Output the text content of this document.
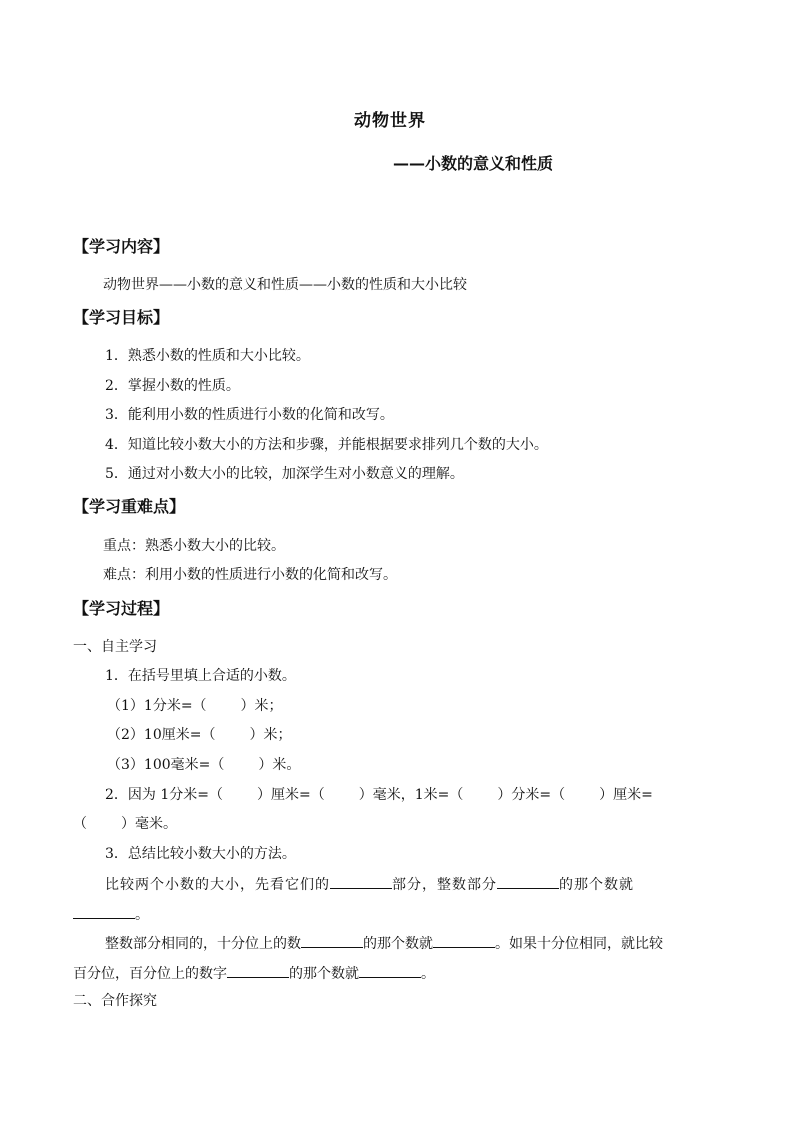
动物世界
——小数的意义和性质
【学习内容】
动物世界——小数的意义和性质——小数的性质和大小比较
【学习目标】
1．熟悉小数的性质和大小比较。
2．掌握小数的性质。
3．能利用小数的性质进行小数的化简和改写。
4．知道比较小数大小的方法和步骤，并能根据要求排列几个数的大小。
5．通过对小数大小的比较，加深学生对小数意义的理解。
【学习重难点】
重点：熟悉小数大小的比较。
难点：利用小数的性质进行小数的化简和改写。
【学习过程】
一、自主学习
1．在括号里填上合适的小数。
（1）1分米=（ ）米；
（2）10厘米=（ ）米；
（3）100毫米=（ ）米。
2．因为 1分米=（ ）厘米=（ ）毫米，1米=（ ）分米=（ ）厘米=
（ ）毫米。
3．总结比较小数大小的方法。
比较两个小数的大小，先看它们的	部分，整数部分	的那个数就
。
整数部分相同的，十分位上的数	的那个数就	。如果十分位相同，就比较
百分位，百分位上的数字	的那个数就	。
二、合作探究
